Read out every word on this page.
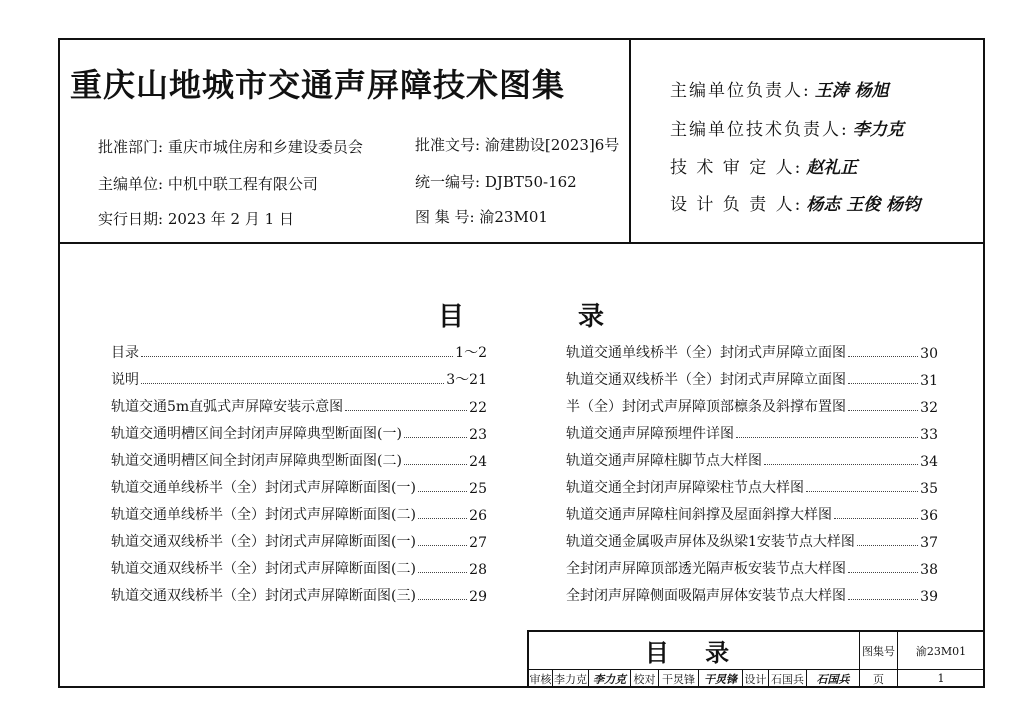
重庆山地城市交通声屏障技术图集
批准部门: 重庆市城住房和乡建设委员会
主编单位: 中机中联工程有限公司
实行日期: 2023 年 2 月 1 日
批准文号: 渝建勘设[2023]6号
统一编号: DJBT50-162
图 集 号: 渝23M01
主编单位负责人: 王涛 杨旭
主编单位技术负责人: 李力克
技 术 审 定 人: 赵礼正
设 计 负 责 人: 杨志 王俊 杨钧
目	录
目录	1～2
说明	3～21
轨道交通5m直弧式声屏障安装示意图	22
轨道交通明槽区间全封闭声屏障典型断面图(一)	23
轨道交通明槽区间全封闭声屏障典型断面图(二)	24
轨道交通单线桥半（全）封闭式声屏障断面图(一)	25
轨道交通单线桥半（全）封闭式声屏障断面图(二)	26
轨道交通双线桥半（全）封闭式声屏障断面图(一)	27
轨道交通双线桥半（全）封闭式声屏障断面图(二)	28
轨道交通双线桥半（全）封闭式声屏障断面图(三)	29
轨道交通单线桥半（全）封闭式声屏障立面图	30
轨道交通双线桥半（全）封闭式声屏障立面图	31
半（全）封闭式声屏障顶部檩条及斜撑布置图	32
轨道交通声屏障预埋件详图	33
轨道交通声屏障柱脚节点大样图	34
轨道交通全封闭声屏障梁柱节点大样图	35
轨道交通声屏障柱间斜撑及屋面斜撑大样图	36
轨道交通金属吸声屏体及纵梁1安装节点大样图	37
全封闭声屏障顶部透光隔声板安装节点大样图	38
全封闭声屏障侧面吸隔声屏体安装节点大样图	39
目 录	图集号	渝23M01
审核 李力克 李力克 校对 干炅锋 干炅锋 设计 石国兵	石国兵	页	1
